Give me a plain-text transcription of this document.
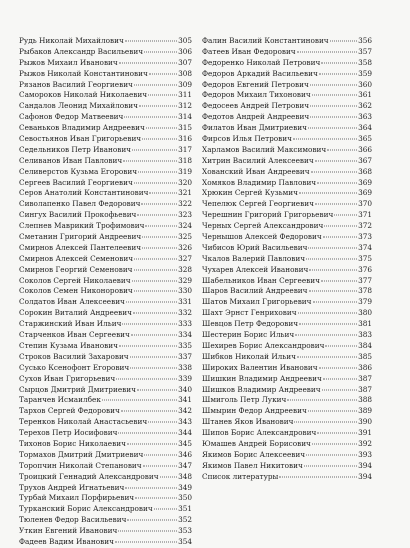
Рудь Николай Михайлович	305
Рыбаков Александр Васильевич	306
Рыжов Михаил Иванович	307
Рыжов Николай Константинович	308
Рязанов Василий Георгиевич	309
Самороков Николай Николаевич	311
Сандалов Леонид Михайлович	312
Сафонов Федор Матвеевич	314
Севаньков Владимир Андреевич	315
Севостьянов Иван Григорьевич	316
Седельников Петр Иванович	317
Селиванов Иван Павлович	318
Селиверстов Кузьма Егорович	319
Сергеев Василий Георгиевич	320
Серов Анатолий Константинович	321
Сиволапенко Павел Федорович	322
Сингух Василий Прокофьевич	323
Слепнев Маврикий Трофимович	324
Сметанин Григорий Андреевич	325
Смирнов Алексей Пантелеевич	326
Смирнов Алексей Семенович	327
Смирнов Георгий Семенович	328
Соколов Сергей Николаевич	329
Соколов Семен Никонорович	330
Солдатов Иван Алексеевич	331
Сорокин Виталий Андреевич	332
Старжинский Иван Ильич	333
Старченков Иван Сергеевич	334
Степин Кузьма Иванович	335
Строков Василий Захарович	337
Сусько Ксенофонт Егорович	338
Сухов Иван Григорьевич	339
Сырцов Дмитрий Дмитриевич	340
Таранчев Исмаилбек	341
Тархов Сергей Федорович	342
Теренков Николай Анастасьевич	343
Терехов Петр Иосифович	344
Тихонов Борис Николаевич	345
Тормахов Дмитрий Дмитриевич	346
Торопчин Николай Степанович	347
Троицкий Геннадий Александрович	348
Трухов Андрей Игнатьевич	349
Турбай Михаил Порфирьевич	350
Турканский Борис Александрович	351
Тюленев Федор Васильевич	352
Уткин Евгений Иванович	353
Фадеев Вадим Иванович	354
Фалин Василий Константинович	356
Фатеев Иван Федорович	357
Федоренко Николай Петрович	358
Федоров Аркадий Васильевич	359
Федоров Евгений Петрович	360
Федоров Михаил Тихонович	361
Федосеев Андрей Петрович	362
Федотов Андрей Андреевич	363
Филатов Иван Дмитриевич	364
Фирсов Илья Петрович	365
Харламов Василий Максимович	366
Хитрин Василий Алексеевич	367
Хованский Иван Андреевич	368
Хомяков Владимир Павлович	369
Хрюкин Сергей Кузьмич	369
Чепелюк Сергей Георгиевич	370
Черешнин Григорий Григорьевич	371
Черных Сергей Александрович	372
Чернышов Алексей Федорович	373
Чибисов Юрий Васильевич	374
Чкалов Валерий Павлович	375
Чухарев Алексей Иванович	376
Шабельников Иван Сергеевич	377
Шаров Василий Андреевич	378
Шатов Михаил Григорьевич	379
Шахт Эрнст Генрихович	380
Шевцов Петр Федорович	381
Шестерин Борис Ильич	383
Шехирев Борис Александрович	384
Шибков Николай Ильич	385
Широких Валентин Иванович	386
Шишкин Владимир Андреевич	387
Шишков Владимир Андреевич	387
Шмиголь Петр Лукич	388
Шмырин Федор Андреевич	389
Штанев Яков Иванович	390
Шипов Борис Александрович	391
Юмашев Андрей Борисович	392
Якимов Борис Алексеевич	393
Якимов Павел Никитович	394
Список литературы	394
